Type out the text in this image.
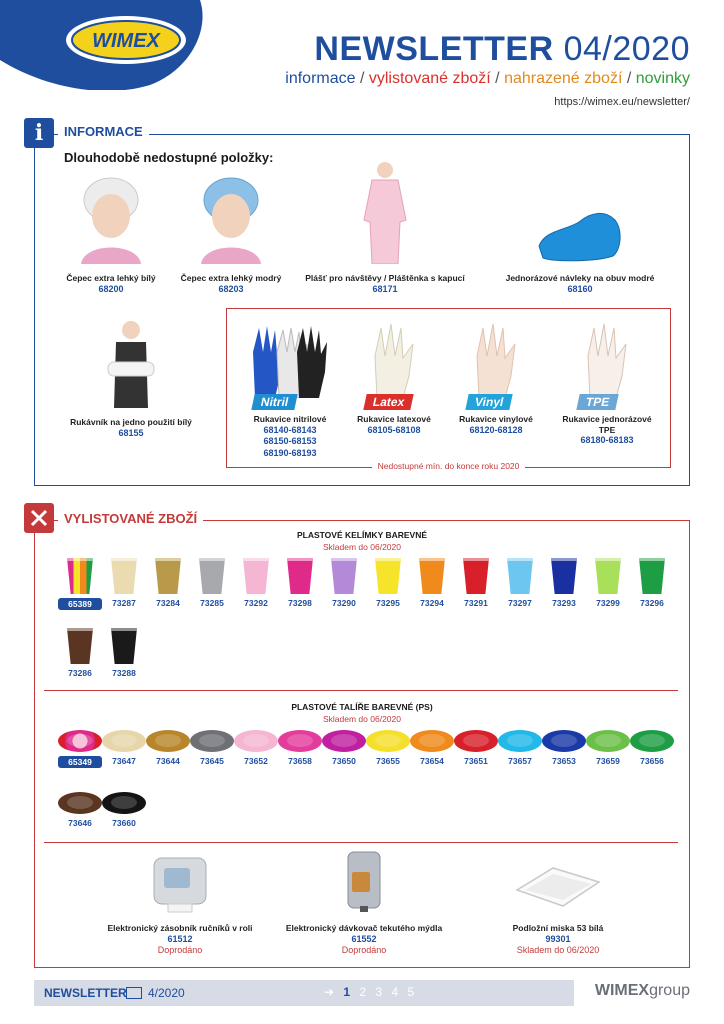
WIMEX	NEWSLETTER 04/2020
informace / vylistované zboží / nahrazené zboží / novinky
https://wimex.eu/newsletter/
i	INFORMACE
Dlouhodobě nedostupné položky:
Čepec extra lehký bílý
68200
Čepec extra lehký modrý
68203
Plášť pro návštěvy / Pláštěnka s kapucí
68171
Jednorázové návleky na obuv modré
68160
Rukávník na jedno použití bílý
68155
Nitril
Rukavice nitrilové
68140-68143
68150-68153
68190-68193
Latex
Rukavice latexové
68105-68108
Vinyl
Rukavice vinylové
68120-68128
TPE
Rukavice jednorázové TPE
68180-68183
Nedostupné mín. do konce roku 2020
VYLISTOVANÉ ZBOŽÍ
PLASTOVÉ KELÍMKY BAREVNÉ
Skladem do 06/2020
65389	73287	73284	73285	73292	73298	73290	73295	73294	73291	73297	73293	73299	73296
73286	73288
PLASTOVÉ TALÍŘE BAREVNÉ (PS)
Skladem do 06/2020
65349	73647	73644	73645	73652	73658	73650	73655	73654	73651	73657	73653	73659	73656
73646	73660
Elektronický zásobník ručníků v roli
61512
Doprodáno
Elektronický dávkovač tekutého mýdla
61552
Doprodáno
Podložní miska 53 bílá
99301
Skladem do 06/2020
NEWSLETTER 4/2020	➔ 1 2 3 4 5	WIMEXgroup
